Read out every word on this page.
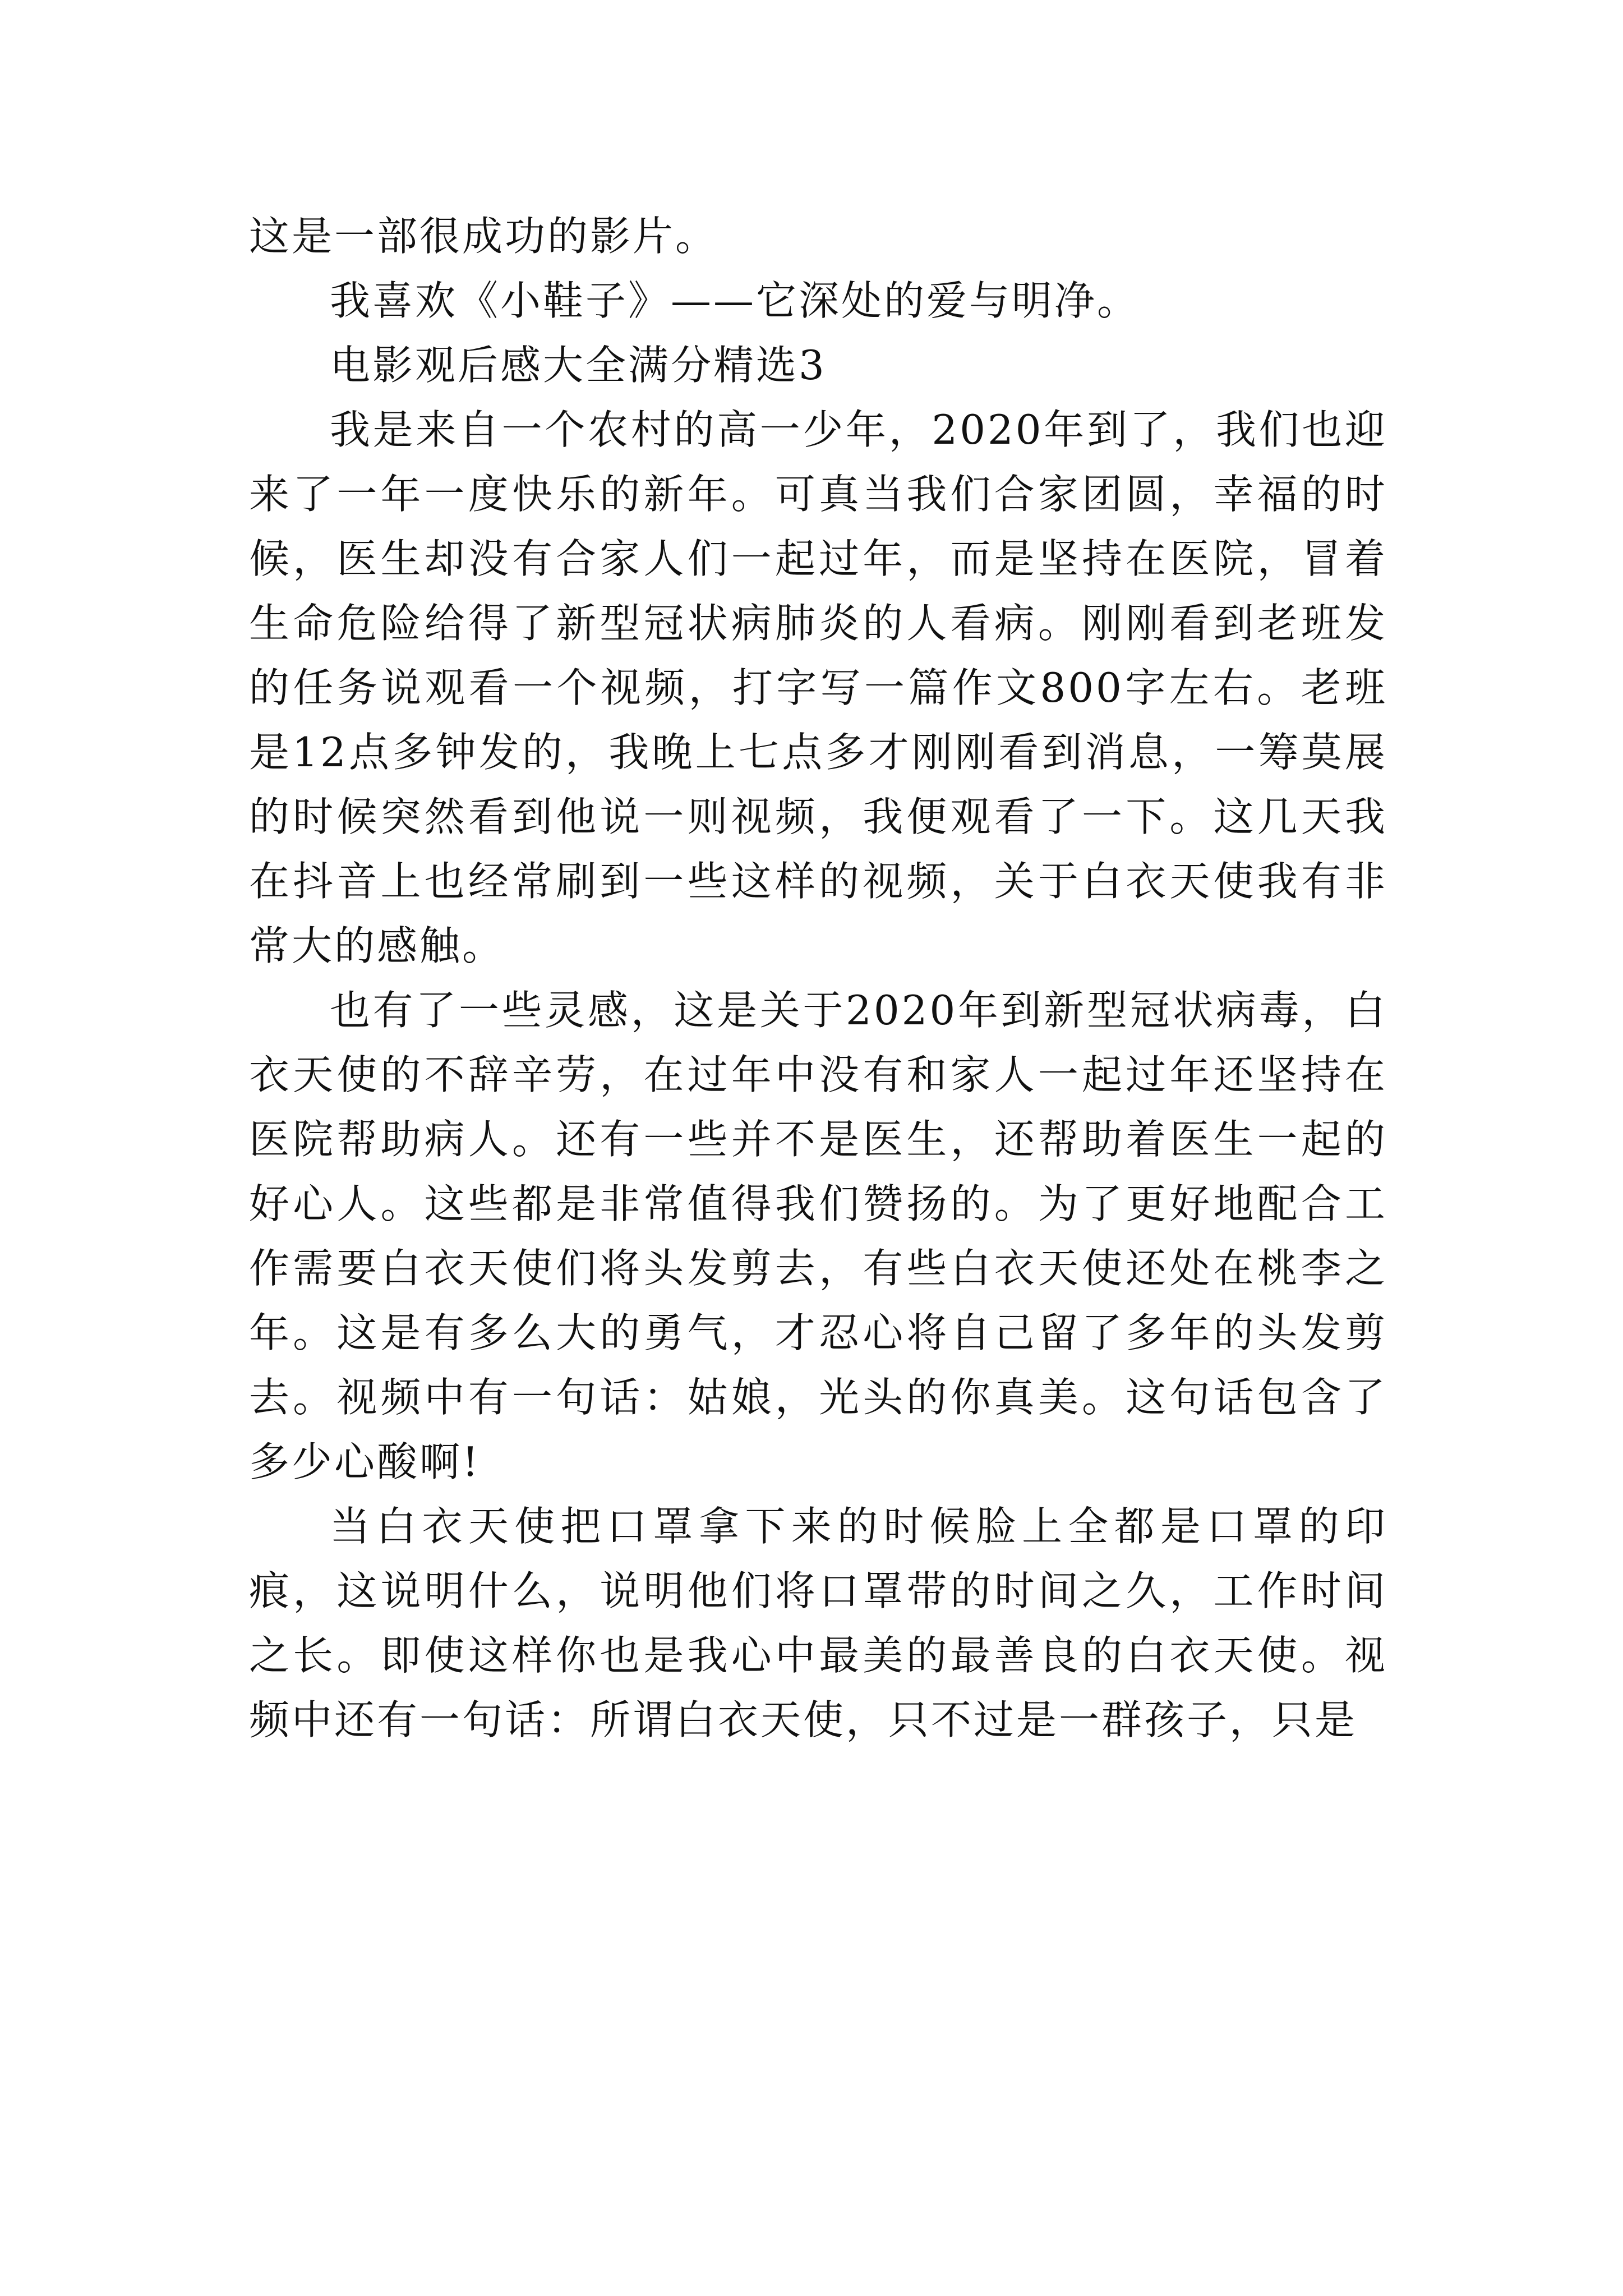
这是一部很成功的影片。

我喜欢《小鞋子》——它深处的爱与明净。

电影观后感大全满分精选3

我是来自一个农村的高一少年，2020年到了，我们也迎来了一年一度快乐的新年。可真当我们合家团圆，幸福的时候，医生却没有合家人们一起过年，而是坚持在医院，冒着生命危险给得了新型冠状病肺炎的人看病。刚刚看到老班发的任务说观看一个视频，打字写一篇作文800字左右。老班是12点多钟发的，我晚上七点多才刚刚看到消息，一筹莫展的时候突然看到他说一则视频，我便观看了一下。这几天我在抖音上也经常刷到一些这样的视频，关于白衣天使我有非常大的感触。

也有了一些灵感，这是关于2020年到新型冠状病毒，白衣天使的不辞辛劳，在过年中没有和家人一起过年还坚持在医院帮助病人。还有一些并不是医生，还帮助着医生一起的好心人。这些都是非常值得我们赞扬的。为了更好地配合工作需要白衣天使们将头发剪去，有些白衣天使还处在桃李之年。这是有多么大的勇气，才忍心将自己留了多年的头发剪去。视频中有一句话：姑娘，光头的你真美。这句话包含了多少心酸啊!

当白衣天使把口罩拿下来的时候脸上全都是口罩的印痕，这说明什么，说明他们将口罩带的时间之久，工作时间之长。即使这样你也是我心中最美的最善良的白衣天使。视频中还有一句话：所谓白衣天使，只不过是一群孩子，只是
